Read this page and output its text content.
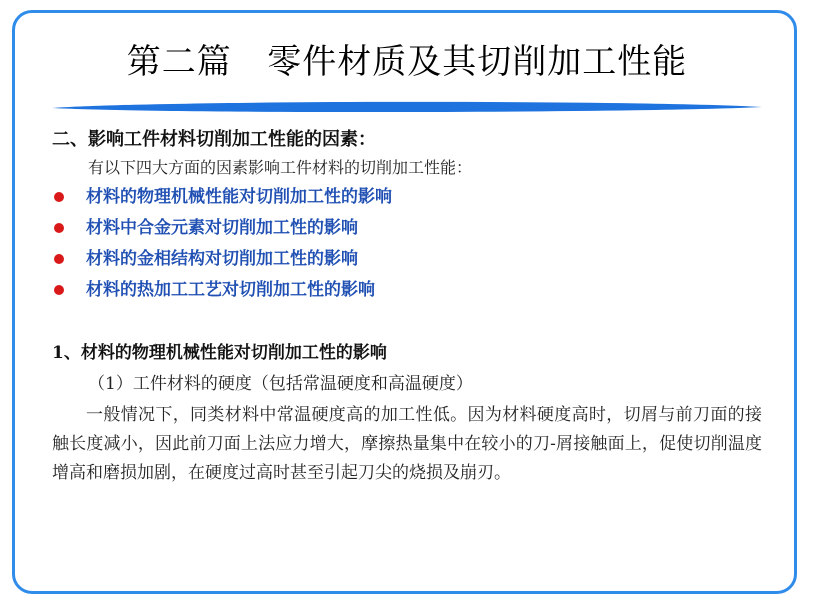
第二篇   零件材质及其切削加工性能
二、影响工件材料切削加工性能的因素：
有以下四大方面的因素影响工件材料的切削加工性能：
材料的物理机械性能对切削加工性的影响
材料中合金元素对切削加工性的影响
材料的金相结构对切削加工性的影响
材料的热加工工艺对切削加工性的影响
1、材料的物理机械性能对切削加工性的影响
（1）工件材料的硬度（包括常温硬度和高温硬度）

一般情况下，同类材料中常温硬度高的加工性低。因为材料硬度高时，切屑与前刀面的接触长度减小，因此前刀面上法应力增大，摩擦热量集中在较小的刀-屑接触面上，促使切削温度增高和磨损加剧，在硬度过高时甚至引起刀尖的烧损及崩刃。
